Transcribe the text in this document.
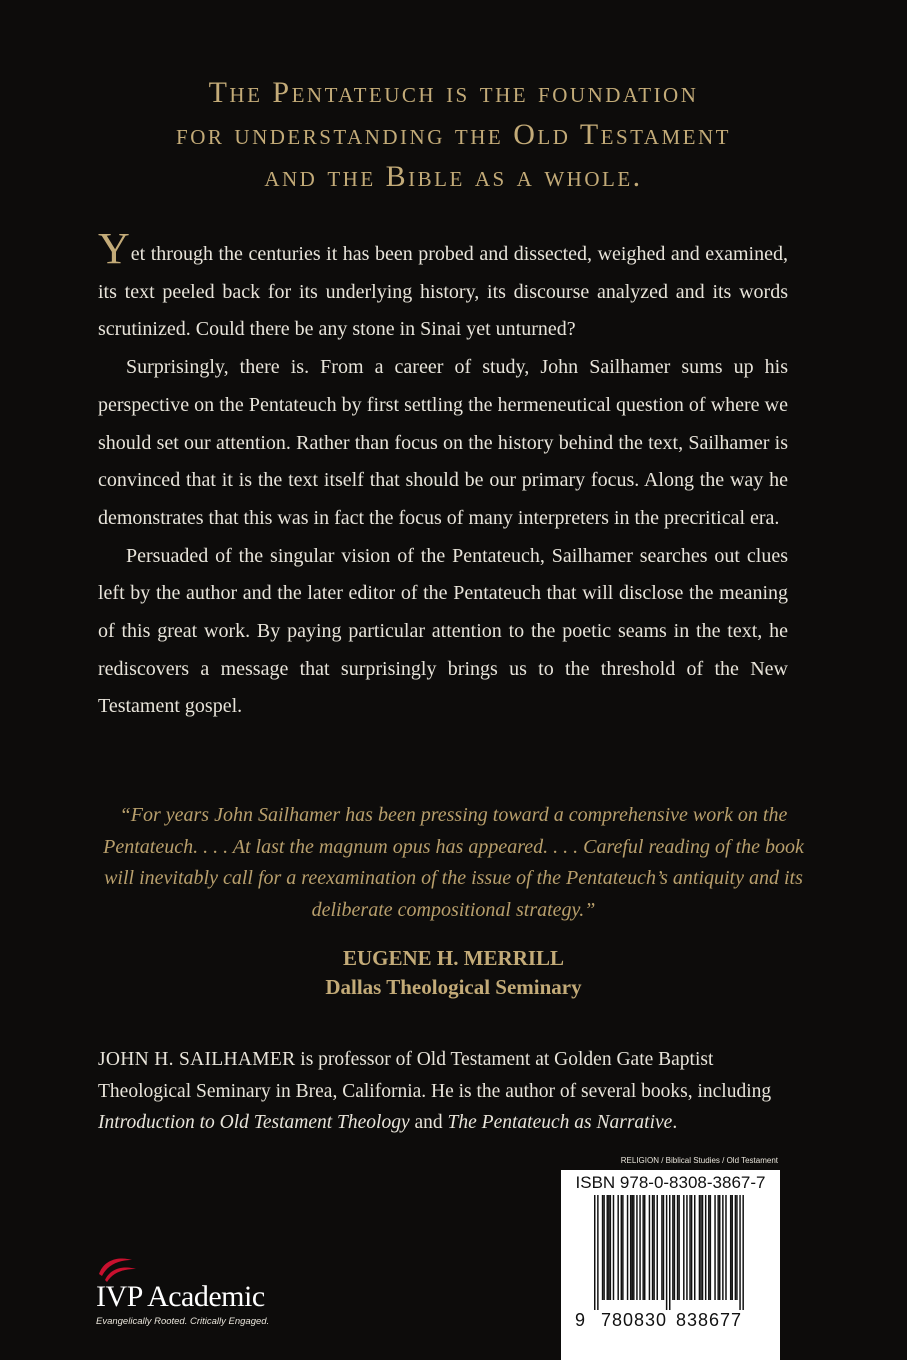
The Pentateuch is the foundation
for understanding the Old Testament
and the Bible as a whole.

Yet through the centuries it has been probed and dissected, weighed and examined, its text peeled back for its underlying history, its discourse analyzed and its words scrutinized. Could there be any stone in Sinai yet unturned?

Surprisingly, there is. From a career of study, John Sailhamer sums up his perspective on the Pentateuch by first settling the hermeneutical question of where we should set our attention. Rather than focus on the history behind the text, Sailhamer is convinced that it is the text itself that should be our primary focus. Along the way he demonstrates that this was in fact the focus of many interpreters in the precritical era.

Persuaded of the singular vision of the Pentateuch, Sailhamer searches out clues left by the author and the later editor of the Pentateuch that will disclose the meaning of this great work. By paying particular attention to the poetic seams in the text, he rediscovers a message that surprisingly brings us to the threshold of the New Testament gospel.

“For years John Sailhamer has been pressing toward a comprehensive work on the Pentateuch. . . . At last the magnum opus has appeared. . . . Careful reading of the book will inevitably call for a reexamination of the issue of the Pentateuch’s antiquity and its deliberate compositional strategy.”
EUGENE H. MERRILL
Dallas Theological Seminary
JOHN H. SAILHAMER is professor of Old Testament at Golden Gate Baptist Theological Seminary in Brea, California. He is the author of several books, including Introduction to Old Testament Theology and The Pentateuch as Narrative.
RELIGION / Biblical Studies / Old Testament
ISBN 978-0-8308-3867-7
9 780830 838677
IVP Academic
Evangelically Rooted. Critically Engaged.
